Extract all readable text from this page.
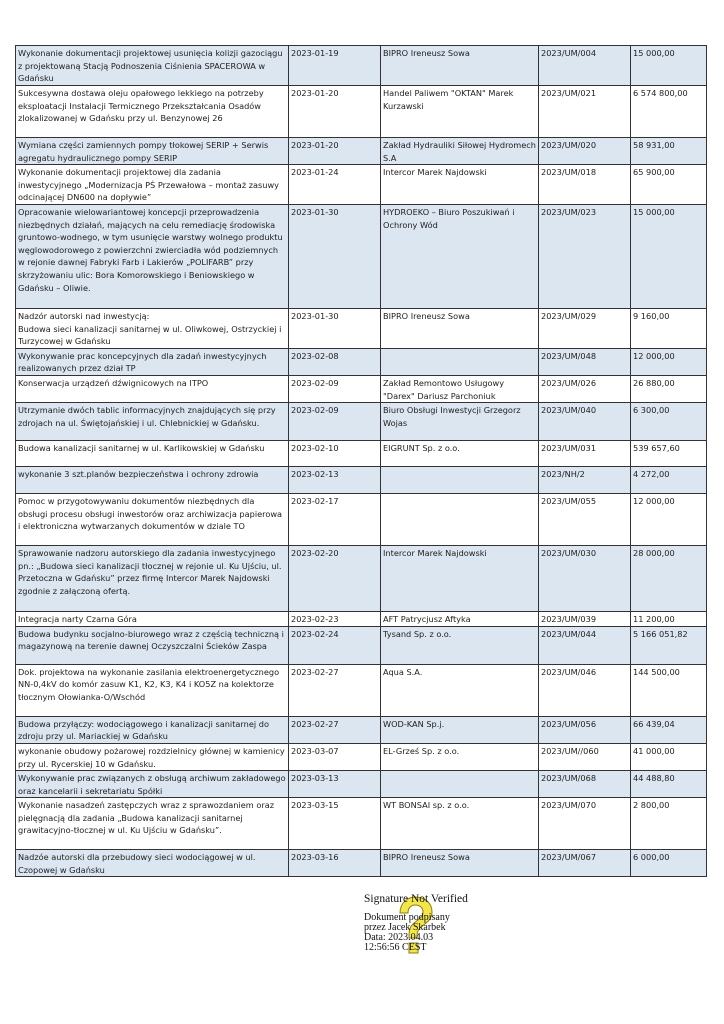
Wykonanie dokumentacji projektowej usunięcia kolizji gazociągu z projektowaną Stacją Podnoszenia Ciśnienia SPACEROWA w Gdańsku	2023-01-19	BIPRO Ireneusz Sowa	2023/UM/004	15 000,00
Sukcesywna dostawa oleju opałowego lekkiego na potrzeby eksploatacji Instalacji Termicznego Przekształcania Osadów zlokalizowanej w Gdańsku przy ul. Benzynowej 26	2023-01-20	Handel Paliwem "OKTAN" Marek Kurzawski	2023/UM/021	6 574 800,00
Wymiana części zamiennych pompy tłokowej SERIP + Serwis agregatu hydraulicznego pompy SERIP	2023-01-20	Zakład Hydrauliki Siłowej Hydromech S.A	2023/UM/020	58 931,00
Wykonanie dokumentacji projektowej dla zadania inwestycyjnego „Modernizacja PŚ Przewałowa – montaż zasuwy odcinającej DN600 na dopływie”	2023-01-24	Intercor Marek Najdowski	2023/UM/018	65 900,00
Opracowanie wielowariantowej koncepcji przeprowadzenia niezbędnych działań, mających na celu remediację środowiska gruntowo-wodnego, w tym usunięcie warstwy wolnego produktu węglowodorowego z powierzchni zwierciadła wód podziemnych w rejonie dawnej Fabryki Farb i Lakierów „POLIFARB” przy skrzyżowaniu ulic: Bora Komorowskiego i Beniowskiego w Gdańsku – Oliwie.	2023-01-30	HYDROEKO – Biuro Poszukiwań i Ochrony Wód	2023/UM/023	15 000,00
Nadzór autorski nad inwestycją:
Budowa sieci kanalizacji sanitarnej w ul. Oliwkowej, Ostrzyckiej i Turzycowej w Gdańsku	2023-01-30	BIPRO Ireneusz Sowa	2023/UM/029	9 160,00
Wykonywanie prac koncepcyjnych dla zadań inwestycyjnych realizowanych przez dział TP	2023-02-08		2023/UM/048	12 000,00
Konserwacja urządzeń dźwignicowych na ITPO	2023-02-09	Zakład Remontowo Usługowy "Darex" Dariusz Parchoniuk	2023/UM/026	26 880,00
Utrzymanie dwóch tablic informacyjnych znajdujących się przy zdrojach na ul. Świętojańskiej i ul. Chlebnickiej w Gdańsku.	2023-02-09	Biuro Obsługi Inwestycji Grzegorz Wojas	2023/UM/040	6 300,00
Budowa kanalizacji sanitarnej w ul. Karlikowskiej w Gdańsku	2023-02-10	EIGRUNT Sp. z o.o.	2023/UM/031	539 657,60
wykonanie 3 szt.planów bezpieczeństwa i ochrony zdrowia	2023-02-13		2023/NH/2	4 272,00
Pomoc w przygotowywaniu dokumentów niezbędnych dla obsługi procesu obsługi inwestorów oraz archiwizacja papierowa i elektroniczna wytwarzanych dokumentów w dziale TO	2023-02-17		2023/UM/055	12 000,00
Sprawowanie nadzoru autorskiego dla zadania inwestycyjnego pn.: „Budowa sieci kanalizacji tłocznej w rejonie ul. Ku Ujściu, ul. Przetoczna w Gdańsku” przez firmę Intercor Marek Najdowski zgodnie z załączoną ofertą.	2023-02-20	Intercor Marek Najdowski	2023/UM/030	28 000,00
Integracja narty Czarna Góra	2023-02-23	AFT Patrycjusz Aftyka	2023/UM/039	11 200,00
Budowa budynku socjalno-biurowego wraz z częścią techniczną i magazynową na terenie dawnej Oczyszczalni Ścieków Zaspa	2023-02-24	Tysand Sp. z o.o.	2023/UM/044	5 166 051,82
Dok. projektowa na wykonanie zasilania elektroenergetycznego NN-0,4kV do komór zasuw K1, K2, K3, K4 i KO5Z na kolektorze tłocznym Ołowianka-O/Wschód	2023-02-27	Aqua S.A.	2023/UM/046	144 500,00
Budowa przyłączy: wodociągowego i kanalizacji sanitarnej do zdroju przy ul. Mariackiej w Gdańsku	2023-02-27	WOD-KAN Sp.j.	2023/UM/056	66 439,04
wykonanie obudowy pożarowej rozdzielnicy głównej w kamienicy przy ul. Rycerskiej 10 w Gdańsku.	2023-03-07	EL-Grześ Sp. z o.o.	2023/UM//060	41 000,00
Wykonywanie prac związanych z obsługą archiwum zakładowego oraz kancelarii i sekretariatu Spółki	2023-03-13		2023/UM/068	44 488,80
Wykonanie nasadzeń zastępczych wraz z sprawozdaniem oraz pielęgnacją dla zadania „Budowa kanalizacji sanitarnej grawitacyjno-tłocznej w ul. Ku Ujściu w Gdańsku”.	2023-03-15	WT BONSAI sp. z o.o.	2023/UM/070	2 800,00
Nadzóe autorski dla przebudowy sieci wodociągowej w ul. Czopowej w Gdańsku	2023-03-16	BIPRO Ireneusz Sowa	2023/UM/067	6 000,00
Signature Not Verified
Dokument podpisany
przez Jacek Skarbek
Data: 2023.04.03
12:56:56 CEST
